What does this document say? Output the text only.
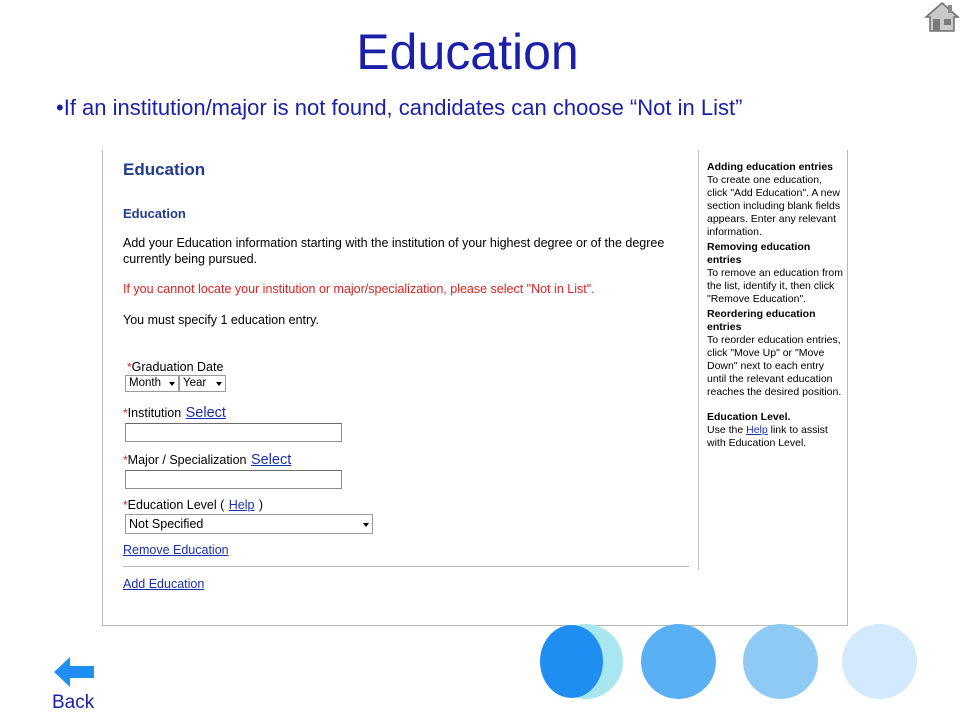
Education
•If an institution/major is not found, candidates can choose “Not in List”
Education
Education
Add your Education information starting with the institution of your highest degree or of the degree currently being pursued.
If you cannot locate your institution or major/specialization, please select "Not in List".
You must specify 1 education entry.
*Graduation Date
Month	Year
*Institution Select
*Major / Specialization Select
*Education Level ( Help )
Not Specified
Remove Education
Add Education
Adding education entries
To create one education, click "Add Education". A new section including blank fields appears. Enter any relevant information.
Removing education entries
To remove an education from the list, identify it, then click "Remove Education".
Reordering education entries
To reorder education entries, click "Move Up" or "Move Down" next to each entry until the relevant education reaches the desired position.
Education Level.
Use the Help link to assist with Education Level.
Back
